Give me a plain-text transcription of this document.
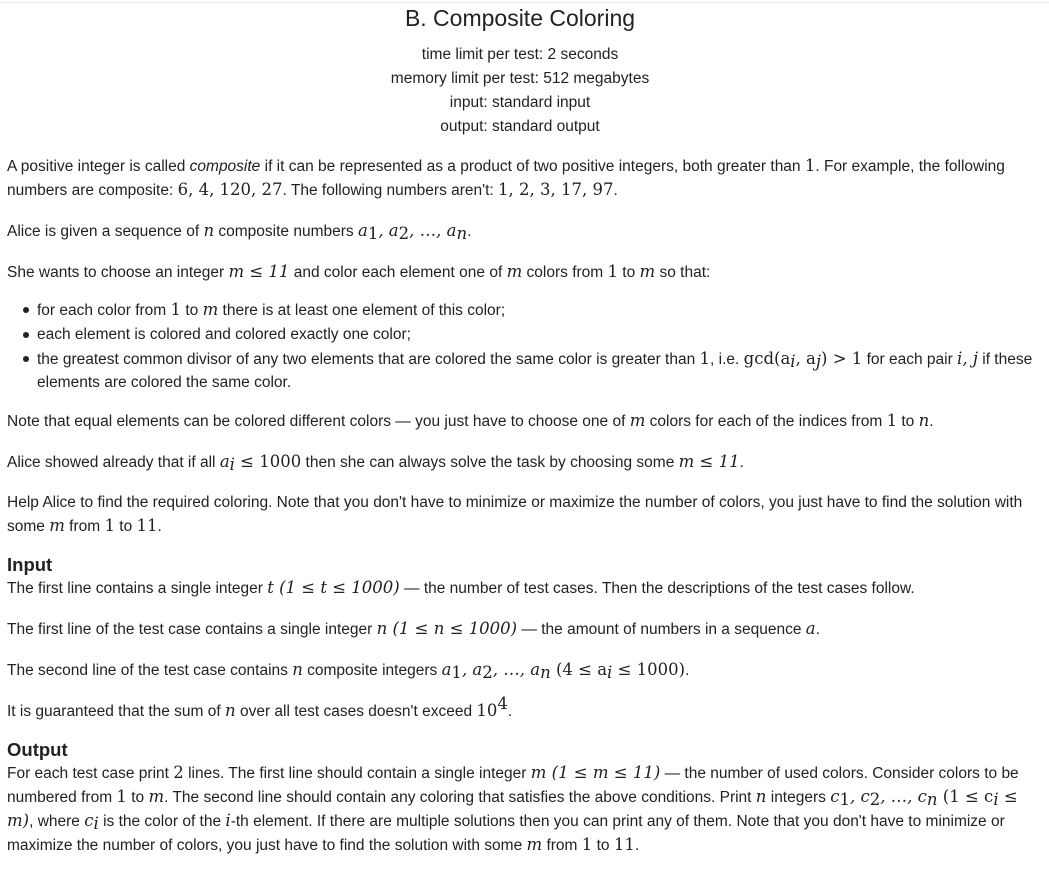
B. Composite Coloring
time limit per test: 2 seconds
memory limit per test: 512 megabytes
input: standard input
output: standard output

A positive integer is called composite if it can be represented as a product of two positive integers, both greater than 1. For example, the following numbers are composite: 6, 4, 120, 27. The following numbers aren't: 1, 2, 3, 17, 97.

Alice is given a sequence of n composite numbers $a_1$, $a_2$, …, $a_n$.

She wants to choose an integer m ≤ 11 and color each element one of m colors from 1 to m so that:

for each color from 1 to m there is at least one element of this color;
each element is colored and colored exactly one color;
the greatest common divisor of any two elements that are colored the same color is greater than 1, i.e. $\gcd(a_i$, $a_j) > 1$ for each pair i, j if these elements are colored the same color.

Note that equal elements can be colored different colors — you just have to choose one of m colors for each of the indices from 1 to n.

Alice showed already that if all $a_i \le 1000$ then she can always solve the task by choosing some m ≤ 11.

Help Alice to find the required coloring. Note that you don't have to minimize or maximize the number of colors, you just have to find the solution with some m from 1 to 11.

Input

The first line contains a single integer t (1 ≤ t ≤ 1000) — the number of test cases. Then the descriptions of the test cases follow.

The first line of the test case contains a single integer n (1 ≤ n ≤ 1000) — the amount of numbers in a sequence a.

The second line of the test case contains n composite integers $a_1$, $a_2$, …, $a_n$ $(4 \le a_i \le 1000)$.

It is guaranteed that the sum of n over all test cases doesn't exceed $10^4$.

Output

For each test case print 2 lines. The first line should contain a single integer m (1 ≤ m ≤ 11) — the number of used colors. Consider colors to be numbered from 1 to m. The second line should contain any coloring that satisfies the above conditions. Print n integers $c_1$, $c_2$, …, $c_n$ $(1 \le c_i \le m)$, where $c_i$ is the color of the i-th element. If there are multiple solutions then you can print any of them. Note that you don't have to minimize or maximize the number of colors, you just have to find the solution with some m from 1 to 11.
